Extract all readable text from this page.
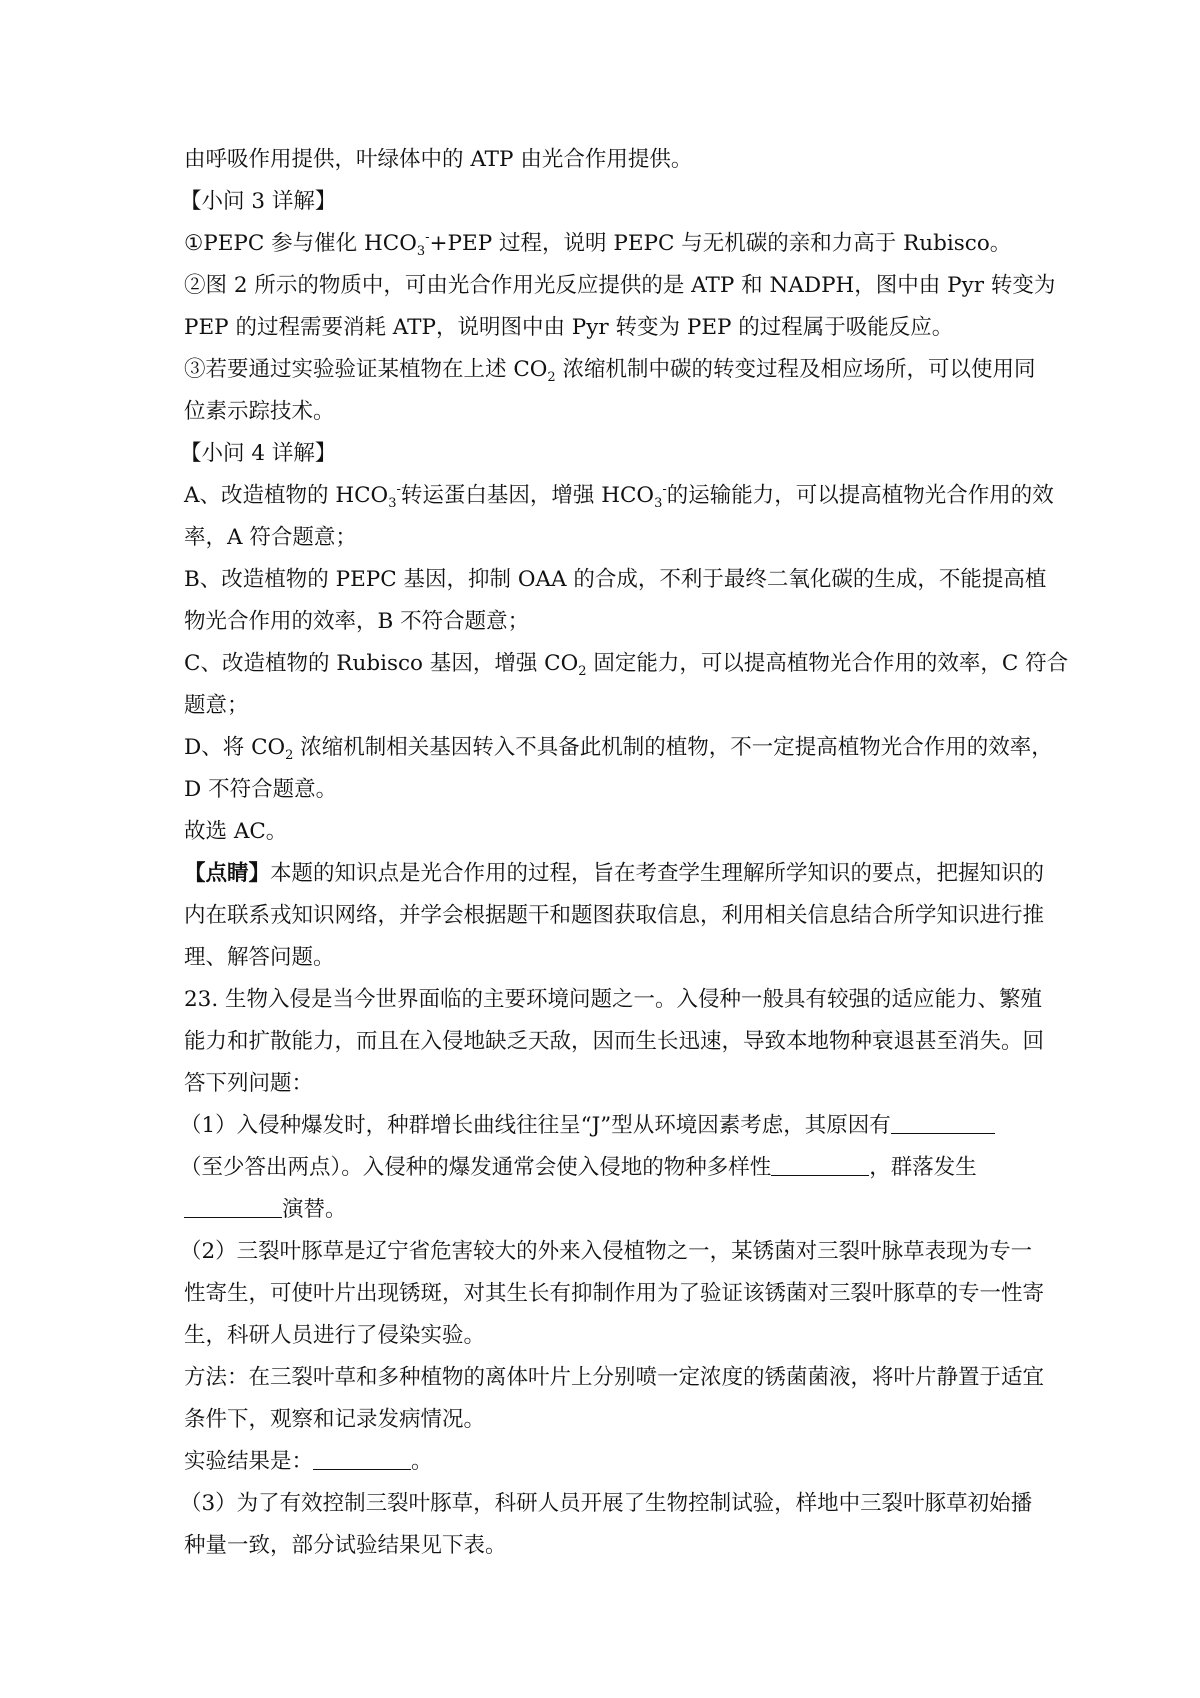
由呼吸作用提供，叶绿体中的 ATP 由光合作用提供。
【小问 3 详解】
①PEPC 参与催化 $HCO_3^-+PEP$ 过程，说明 PEPC 与无机碳的亲和力高于 Rubisco。
②图 2 所示的物质中，可由光合作用光反应提供的是 ATP 和 NADPH，图中由 Pyr 转变为
PEP 的过程需要消耗 ATP，说明图中由 Pyr 转变为 PEP 的过程属于吸能反应。
③若要通过实验验证某植物在上述 $CO_2$ 浓缩机制中碳的转变过程及相应场所，可以使用同
位素示踪技术。
【小问 4 详解】
A、改造植物的 $HCO_3^-$转运蛋白基因，增强 $HCO_3^-$的运输能力，可以提高植物光合作用的效
率，A 符合题意；
B、改造植物的 PEPC 基因，抑制 OAA 的合成，不利于最终二氧化碳的生成，不能提高植
物光合作用的效率，B 不符合题意；
C、改造植物的 Rubisco 基因，增强 $CO_2$ 固定能力，可以提高植物光合作用的效率，C 符合
题意；
D、将 $CO_2$ 浓缩机制相关基因转入不具备此机制的植物，不一定提高植物光合作用的效率，
D 不符合题意。
故选 AC。
【点睛】本题的知识点是光合作用的过程，旨在考查学生理解所学知识的要点，把握知识的
内在联系戎知识网络，并学会根据题干和题图获取信息，利用相关信息结合所学知识进行推
理、解答问题。
23. 生物入侵是当今世界面临的主要环境问题之一。入侵种一般具有较强的适应能力、繁殖
能力和扩散能力，而且在入侵地缺乏天敌，因而生长迅速，导致本地物种衰退甚至消失。回
答下列问题：
（1）入侵种爆发时，种群增长曲线往往呈“J”型从环境因素考虑，其原因有
（至少答出两点）。入侵种的爆发通常会使入侵地的物种多样性	，群落发生
演替。
（2）三裂叶豚草是辽宁省危害较大的外来入侵植物之一，某锈菌对三裂叶脉草表现为专一
性寄生，可使叶片出现锈斑，对其生长有抑制作用为了验证该锈菌对三裂叶豚草的专一性寄
生，科研人员进行了侵染实验。
方法：在三裂叶草和多种植物的离体叶片上分别喷一定浓度的锈菌菌液，将叶片静置于适宜
条件下，观察和记录发病情况。
实验结果是：	。
（3）为了有效控制三裂叶豚草，科研人员开展了生物控制试验，样地中三裂叶豚草初始播
种量一致，部分试验结果见下表。
